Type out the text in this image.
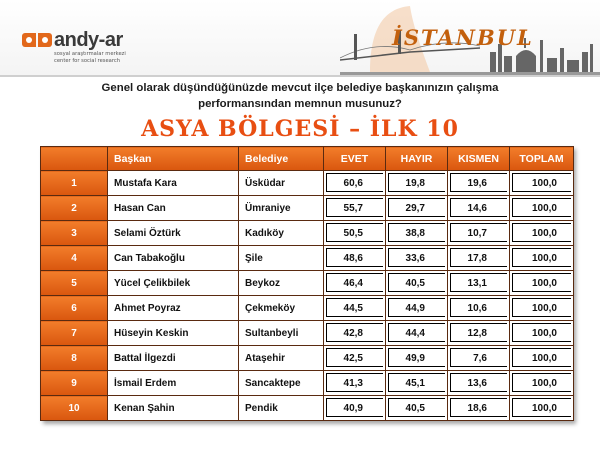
andy-ar
sosyal araştırmalar merkezi
center for social research
İSTANBUL
Genel olarak düşündüğünüzde mevcut ilçe belediye başkanınızın çalışma
performansından memnun musunuz?
ASYA BÖLGESİ – İLK 10
	Başkan	Belediye	EVET	HAYIR	KISMEN	TOPLAM
1	Mustafa Kara	Üsküdar	60,6	19,8	19,6	100,0
2	Hasan Can	Ümraniye	55,7	29,7	14,6	100,0
3	Selami Öztürk	Kadıköy	50,5	38,8	10,7	100,0
4	Can Tabakoğlu	Şile	48,6	33,6	17,8	100,0
5	Yücel Çelikbilek	Beykoz	46,4	40,5	13,1	100,0
6	Ahmet Poyraz	Çekmeköy	44,5	44,9	10,6	100,0
7	Hüseyin Keskin	Sultanbeyli	42,8	44,4	12,8	100,0
8	Battal İlgezdi	Ataşehir	42,5	49,9	7,6	100,0
9	İsmail Erdem	Sancaktepe	41,3	45,1	13,6	100,0
10	Kenan Şahin	Pendik	40,9	40,5	18,6	100,0
